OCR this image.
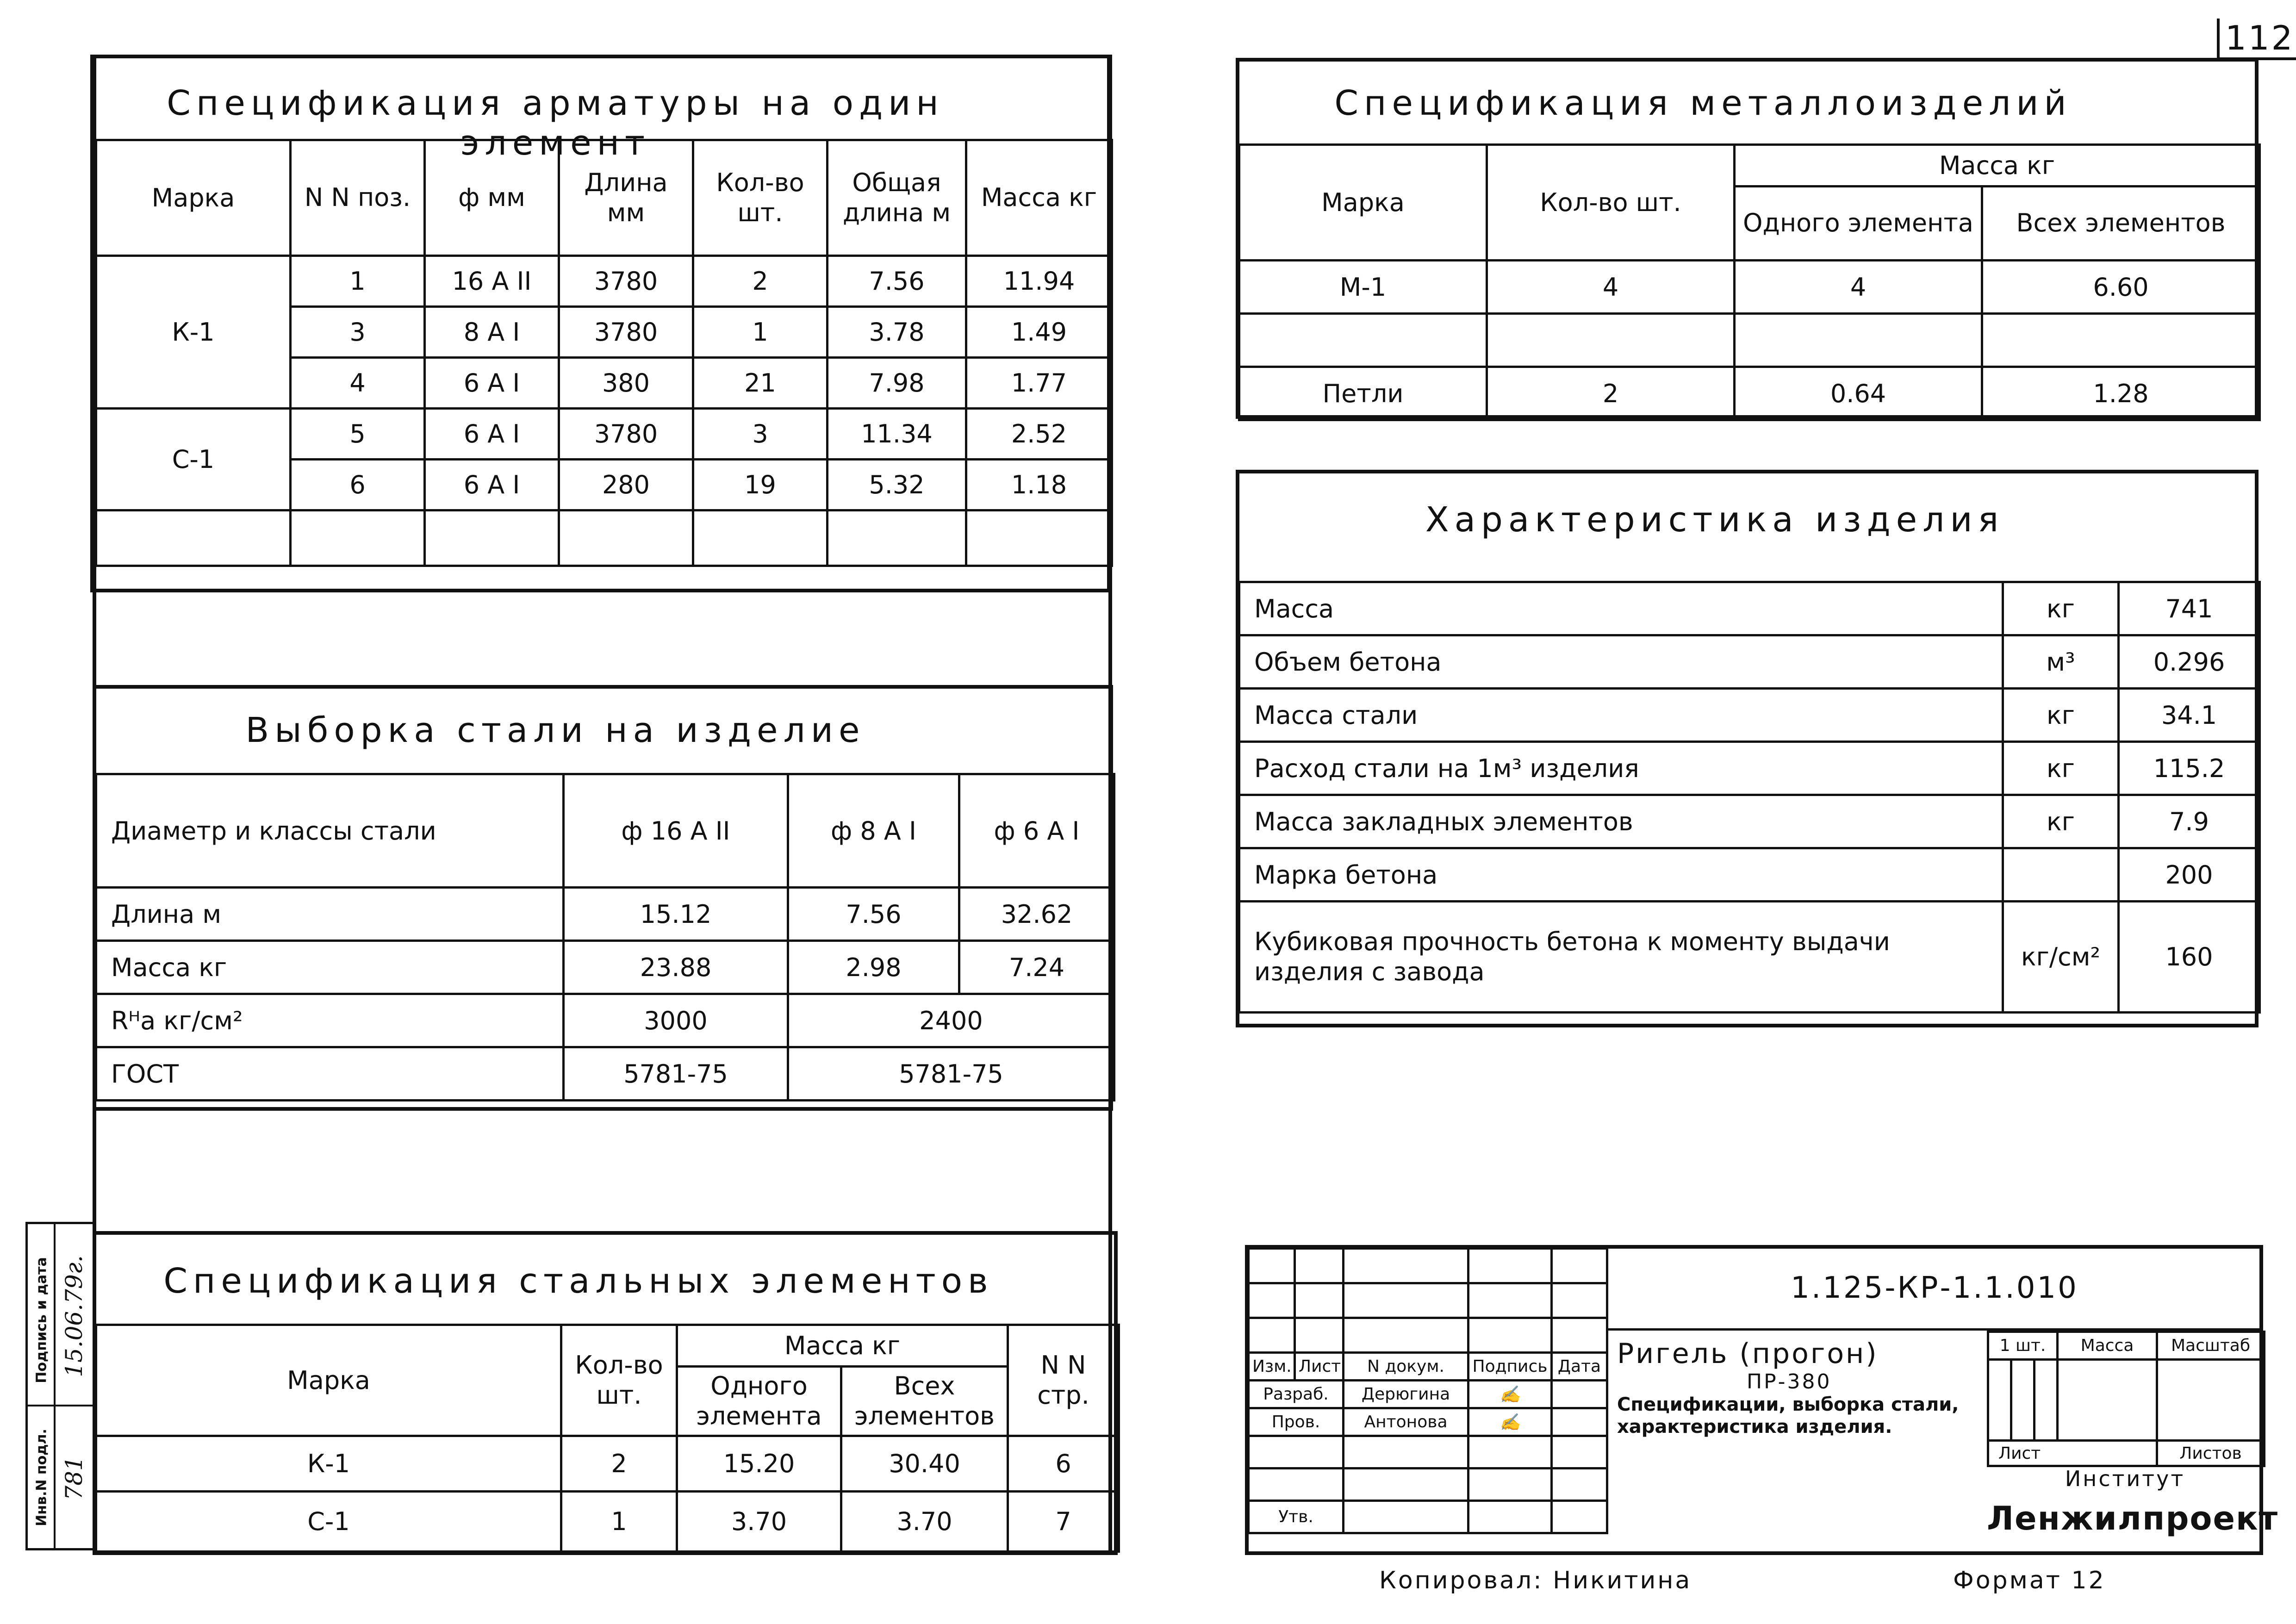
112
Спецификация арматуры на один элемент
Марка	N N поз.	ф мм	Длина мм	Кол-во шт.	Общая длина м	Масса кг
К-1	1	16 A II	3780	2	7.56	11.94
	3	8 A I	3780	1	3.78	1.49
	4	6 A I	380	21	7.98	1.77
С-1	5	6 A I	3780	3	11.34	2.52
	6	6 A I	280	19	5.32	1.18

Выборка стали на изделие
Диаметр и классы стали	ф 16 A II	ф 8 A I	ф 6 A I
Длина м	15.12	7.56	32.62
Масса кг	23.88	2.98	7.24
Rᴴa кг/см²	3000	2400	
ГОСТ	5781-75	5781-75	
Спецификация стальных элементов
Марка	Кол-во шт.	Масса кг		N N стр.
		Одного элемента	Всех элементов	
К-1	2	15.20	30.40	6
С-1	1	3.70	3.70	7
Спецификация металлоизделий
Марка	Кол-во шт.	Масса кг	
		Одного элемента	Всех элементов
М-1	4	4	6.60

Петли	2	0.64	1.28
Характеристика изделия
Масса	кг	741
Объем бетона	м³	0.296
Масса стали	кг	34.1
Расход стали на 1м³ изделия	кг	115.2
Масса закладных элементов	кг	7.9
Марка бетона		200
Кубиковая прочность бетона к моменту выдачи изделия с завода	кг/см²	160

Изм.	Лист	N докум.	Подпись	Дата
Разраб.		Дерюгина	✍	
Пров.		Антонова	✍	

Утв.				
1.125-КР-1.1.010
Ригель (прогон)
ПР-380
Спецификации, выборка стали, характеристика изделия.
1 шт.			Масса	Масштаб

Лист				Листов
Институт
Ленжилпроект
Инв.N подл.
Подпись и дата
781
15.06.79г.
Копировал: Никитина	Формат 12
